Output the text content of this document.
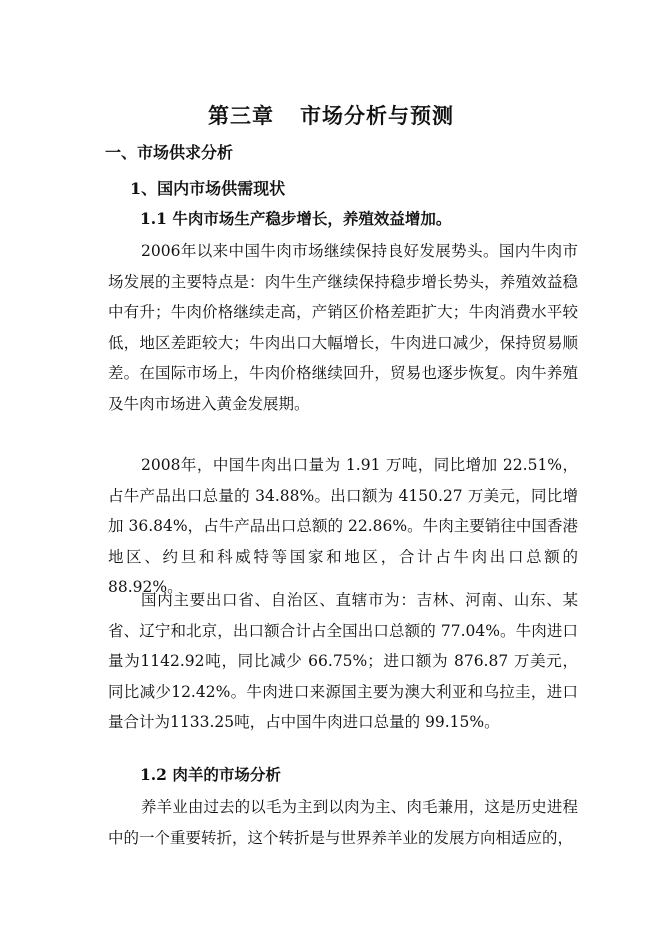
第三章 市场分析与预测
一、市场供求分析
1、国内市场供需现状
1.1 牛肉市场生产稳步增长，养殖效益增加。

2006年以来中国牛肉市场继续保持良好发展势头。国内牛肉市场发展的主要特点是：肉牛生产继续保持稳步增长势头，养殖效益稳中有升；牛肉价格继续走高，产销区价格差距扩大；牛肉消费水平较低，地区差距较大；牛肉出口大幅增长，牛肉进口减少，保持贸易顺差。在国际市场上，牛肉价格继续回升，贸易也逐步恢复。肉牛养殖及牛肉市场进入黄金发展期。

2008年，中国牛肉出口量为 1.91 万吨，同比增加 22.51%，占牛产品出口总量的 34.88%。出口额为 4150.27 万美元，同比增加 36.84%，占牛产品出口总额的 22.86%。牛肉主要销往中国香港地区、约旦和科威特等国家和地区，合计占牛肉出口总额的 88.92%。

国内主要出口省、自治区、直辖市为：吉林、河南、山东、某省、辽宁和北京，出口额合计占全国出口总额的 77.04%。牛肉进口量为1142.92吨，同比减少 66.75%；进口额为 876.87 万美元，同比减少12.42%。牛肉进口来源国主要为澳大利亚和乌拉圭，进口量合计为1133.25吨，占中国牛肉进口总量的 99.15%。

1.2 肉羊的市场分析

养羊业由过去的以毛为主到以肉为主、肉毛兼用，这是历史进程中的一个重要转折，这个转折是与世界养羊业的发展方向相适应的，
